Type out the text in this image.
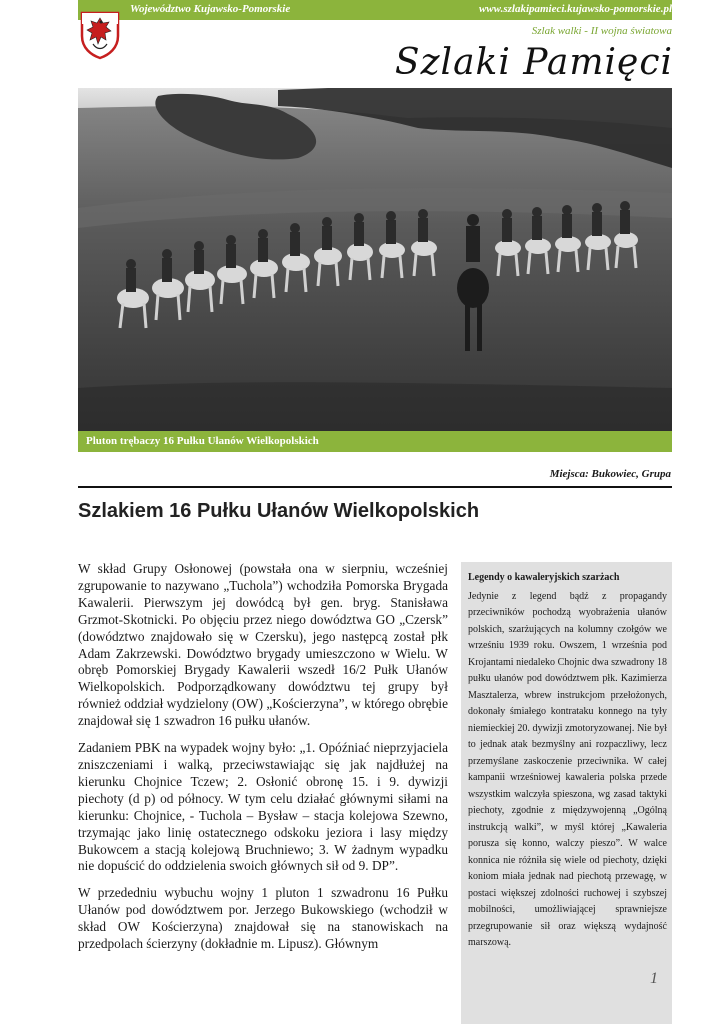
Województwo Kujawsko-Pomorskie	www.szlakipamieci.kujawsko-pomorskie.pl
Szlak walki - II wojna światowa
Szlaki Pamięci
Pluton trębaczy 16 Pułku Ułanów Wielkopolskich
Miejsca: Bukowiec, Grupa
Szlakiem 16 Pułku Ułanów Wielkopolskich

W skład Grupy Osłonowej (powstała ona w sierpniu, wcześniej zgrupowanie to nazywano „Tuchola”) wchodziła Pomorska Brygada Kawalerii. Pierwszym jej dowódcą był gen. bryg. Stanisława Grzmot-Skotnicki. Po objęciu przez niego dowództwa GO „Czersk” (dowództwo znajdowało się w Czersku), jego następcą został płk Adam Zakrzewski. Dowództwo brygady umieszczono w Wielu. W obręb Pomorskiej Brygady Kawalerii wszedł 16/2 Pułk Ułanów Wielkopolskich. Podporządkowany dowództwu tej grupy był również oddział wydzielony (OW) „Kościerzyna”, w którego obrębie znajdował się 1 szwadron 16 pułku ułanów.

Zadaniem PBK na wypadek wojny było: „1. Opóźniać nieprzyjaciela zniszczeniami i walką, przeciwstawiając się jak najdłużej na kierunku Chojnice Tczew; 2. Osłonić obronę 15. i 9. dywizji piechoty (d p) od północy. W tym celu działać głównymi siłami na kierunku: Chojnice, - Tuchola – Bysław – stacja kolejowa Szewno, trzymając jako linię ostatecznego odskoku jeziora i lasy między Bukowcem a stacją kolejową Bruchniewo; 3. W żadnym wypadku nie dopuścić do oddzielenia swoich głównych sił od 9. DP”.

W przededniu wybuchu wojny 1 pluton 1 szwadronu 16 Pułku Ułanów pod dowództwem por. Jerzego Bukowskiego (wchodził w skład OW Kościerzyna) znajdował się na stanowiskach na przedpolach ścierzyny (dokładnie m. Lipusz). Głównym

Legendy o kawaleryjskich szarżach
Jedynie z legend bądź z propagandy przeciwników pochodzą wyobrażenia ułanów polskich, szarżujących na kolumny czołgów we wrześniu 1939 roku. Owszem, 1 września pod Krojantami niedaleko Chojnic dwa szwadrony 18 pułku ułanów pod dowództwem płk. Kazimierza Masztalerza, wbrew instrukcjom przełożonych, dokonały śmiałego kontrataku konnego na tyły niemieckiej 20. dywizji zmotoryzowanej. Nie był to jednak atak bezmyślny ani rozpaczliwy, lecz przemyślane zaskoczenie przeciwnika. W całej kampanii wrześniowej kawaleria polska przede wszystkim walczyła spieszona, wg zasad taktyki piechoty, zgodnie z międzywojenną „Ogólną instrukcją walki”, w myśl której „Kawaleria porusza się konno, walczy pieszo”. W walce konnica nie różniła się wiele od piechoty, dzięki koniom miała jednak nad piechotą przewagę, w postaci większej zdolności ruchowej i szybszej mobilności, umożliwiającej sprawniejsze przegrupowanie sił oraz większą wydajność marszową.
1
